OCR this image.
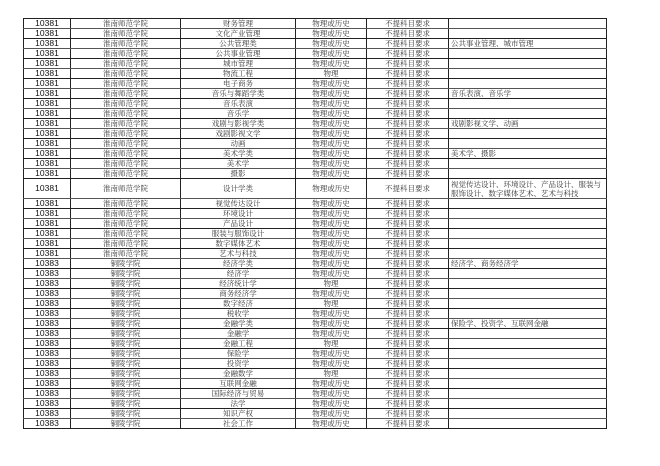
10381	淮南师范学院	财务管理	物理或历史	不提科目要求	
10381	淮南师范学院	文化产业管理	物理或历史	不提科目要求	
10381	淮南师范学院	公共管理类	物理或历史	不提科目要求	公共事业管理、城市管理
10381	淮南师范学院	公共事业管理	物理或历史	不提科目要求	
10381	淮南师范学院	城市管理	物理或历史	不提科目要求	
10381	淮南师范学院	物流工程	物理	不提科目要求	
10381	淮南师范学院	电子商务	物理或历史	不提科目要求	
10381	淮南师范学院	音乐与舞蹈学类	物理或历史	不提科目要求	音乐表演、音乐学
10381	淮南师范学院	音乐表演	物理或历史	不提科目要求	
10381	淮南师范学院	音乐学	物理或历史	不提科目要求	
10381	淮南师范学院	戏剧与影视学类	物理或历史	不提科目要求	戏剧影视文学、动画
10381	淮南师范学院	戏剧影视文学	物理或历史	不提科目要求	
10381	淮南师范学院	动画	物理或历史	不提科目要求	
10381	淮南师范学院	美术学类	物理或历史	不提科目要求	美术学、摄影
10381	淮南师范学院	美术学	物理或历史	不提科目要求	
10381	淮南师范学院	摄影	物理或历史	不提科目要求	
10381	淮南师范学院	设计学类	物理或历史	不提科目要求	视觉传达设计、环境设计、产品设计、服装与服饰设计、数字媒体艺术、艺术与科技
10381	淮南师范学院	视觉传达设计	物理或历史	不提科目要求	
10381	淮南师范学院	环境设计	物理或历史	不提科目要求	
10381	淮南师范学院	产品设计	物理或历史	不提科目要求	
10381	淮南师范学院	服装与服饰设计	物理或历史	不提科目要求	
10381	淮南师范学院	数字媒体艺术	物理或历史	不提科目要求	
10381	淮南师范学院	艺术与科技	物理或历史	不提科目要求	
10383	铜陵学院	经济学类	物理或历史	不提科目要求	经济学、商务经济学
10383	铜陵学院	经济学	物理或历史	不提科目要求	
10383	铜陵学院	经济统计学	物理	不提科目要求	
10383	铜陵学院	商务经济学	物理或历史	不提科目要求	
10383	铜陵学院	数字经济	物理	不提科目要求	
10383	铜陵学院	税收学	物理或历史	不提科目要求	
10383	铜陵学院	金融学类	物理或历史	不提科目要求	保险学、投资学、互联网金融
10383	铜陵学院	金融学	物理或历史	不提科目要求	
10383	铜陵学院	金融工程	物理	不提科目要求	
10383	铜陵学院	保险学	物理或历史	不提科目要求	
10383	铜陵学院	投资学	物理或历史	不提科目要求	
10383	铜陵学院	金融数学	物理	不提科目要求	
10383	铜陵学院	互联网金融	物理或历史	不提科目要求	
10383	铜陵学院	国际经济与贸易	物理或历史	不提科目要求	
10383	铜陵学院	法学	物理或历史	不提科目要求	
10383	铜陵学院	知识产权	物理或历史	不提科目要求	
10383	铜陵学院	社会工作	物理或历史	不提科目要求	
